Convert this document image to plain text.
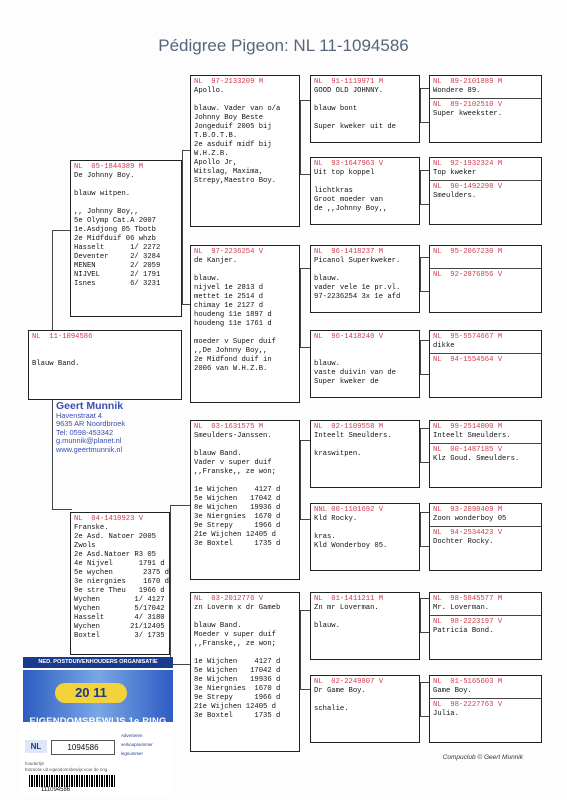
Pédigree Pigeon: NL 11-1094586
NL  11-1094586
Blauw Band.
Geert Munnik
Havenstraat 4
9635 AR Noordbroek
Tel: 0598-453342
g.munnik@planet.nl
www.geertmunnik.nl
NL  05-1844389 M
De Johnny Boy.
blauw witpen.
,, Johnny Boy,,
5e Olymp Cat.A 2007
1e.Asdjong 05 Tbotb
2e Midfduif 06 whzb
Hasselt      1/ 2272
Deventer     2/ 3284
MENEN        2/ 2059
NIJVEL       2/ 1791
Isnes        6/ 3231
NL  04-1410923 V
Franske.
2e Asd. Natoer 2005
Zwols
2e Asd.Natoer R3 05
4e Nijvel      1791 d
5e wychen       2375 d
3e niergnies    1670 d
9e stre Theu   1966 d
Wychen        1/ 4127
Wychen        5/17042
Hasselt       4/ 3180
Wychen       21/12405
Boxtel        3/ 1735
NL  97-2133209 M
Apollo.
blauw. Vader van o/a
Johnny Boy Beste
Jongeduif 2005 bij
T.B.O.T.B.
2e asduif midf bij
W.H.Z.B.
Apollo Jr,
Witslag, Maxima,
Strepy,Maestro Boy.
NL  97-2236254 V
de Kanjer.
blauw.
nijvel 1e 2813 d
mettet 1e 2514 d
chimay 1e 2127 d
houdeng 11e 1897 d
houdeng 11e 1761 d
moeder v Super duif
,,De Johnny Boy,,
2e Midfond duif in
2006 van W.H.Z.B.
NL  03-1631575 M
Smeulders-Janssen.
blauw Band.
Vader v super duif
,,Franske,, ze won;
1e Wijchen    4127 d
5e Wijchen   17042 d
8e Wijchen   19936 d
3e Niergnies  1670 d
9e Strepy     1966 d
21e Wijchen 12405 d
3e Boxtel     1735 d
NL  03-2012776 V
zn Loverm x dr Gameb
blauw Band.
Moeder v super duif
,,Franske,, ze won;
1e Wijchen    4127 d
5e Wijchen   17042 d
8e Wijchen   19936 d
3e Niergnies  1670 d
9e Strepy     1966 d
21e Wijchen 12405 d
3e Boxtel     1735 d
NL  91-1119971 M
GOOD OLD JOHNNY.
blauw bont
Super kweker uit de
NL  93-1647963 V
Uit top koppel
lichtkras
Groot moeder van
de ,,Johnny Boy,,
NL  96-1418237 M
Picanol Superkweker.
blauw.
vader vele 1e pr.vl.
97-2236254 3x 1e afd
NL  96-1418240 V
blauw.
vaste duivin van de
Super kweker de
NL  02-1109558 M
Inteelt Smeulders.
kraswitpen.
NNL 00-1101692 V
Kld Rocky.
kras.
Kld Wonderboy 05.
NL  01-1411211 M
Zn mr Loverman.
blauw.
NL  02-2249807 V
Dr Game Boy.
schalie.
NL  89-2101889 M
Wondere 89.
NL  89-2102510 V
Super kweekster.
NL  92-1932324 M
Top kweker
NL  90-1492298 V
Smeulders.
NL  95-2067230 M
NL  92-2876856 V
NL  95-5574667 M
dikke
NL  94-1554564 V
NL  99-2514000 M
Inteelt Smeulders.
NL  00-1487185 V
Klz Goud. Smeulders.
NL  93-2090409 M
Zoon wonderboy 05
NL  94-2534423 V
Dochter Rocky.
NL  98-5845577 M
Mr. Loverman.
NL  98-2223197 V
Patricia Bond.
NL  01-5165603 M
Game Boy.
NL  98-2227763 V
Julia.
Compuclub © Geert Munnik
NED. POSTDUIVENHOUDERS ORGANISATIE
20 11
EIGENDOMSBEWIJS 1e RING
NL	1094586
Adverteren
verkoopnummer
legnummer
houderlijn
Extractie uit eigendomsbewijs voor de ring
111094586
